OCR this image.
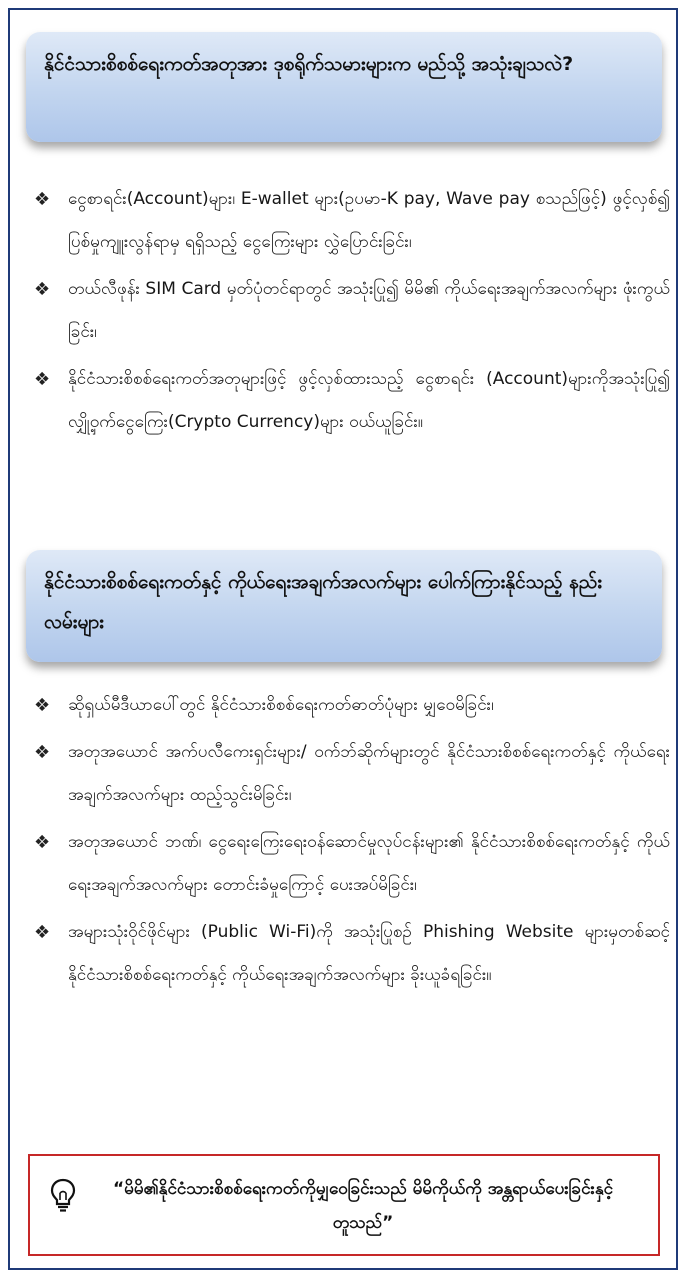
နိုင်ငံသားစိစစ်ရေးကတ်အတုအား ဒုစရိုက်သမားများက မည်သို့ အသုံးချသလဲ?
❖	ငွေစာရင်း(Account)များ၊ E-wallet များ(ဥပမာ-K pay, Wave pay စသည်ဖြင့်) ဖွင့်လှစ်၍ ပြစ်မှုကျူးလွန်ရာမှ ရရှိသည့် ငွေကြေးများ လွှဲပြောင်းခြင်း၊
❖	တယ်လီဖုန်း SIM Card မှတ်ပုံတင်ရာတွင် အသုံးပြု၍ မိမိ၏ ကိုယ်ရေးအချက်အလက်များ ဖုံးကွယ်ခြင်း၊
❖	နိုင်ငံသားစိစစ်ရေးကတ်အတုများဖြင့် ဖွင့်လှစ်ထားသည့် ငွေစာရင်း (Account)များကိုအသုံးပြု၍ လျှို့ဝှက်ငွေကြေး(Crypto Currency)များ ဝယ်ယူခြင်း။
နိုင်ငံသားစိစစ်ရေးကတ်နှင့် ကိုယ်ရေးအချက်အလက်များ ပေါက်ကြားနိုင်သည့် နည်းလမ်းများ
❖	ဆိုရှယ်မီဒီယာပေါ်တွင် နိုင်ငံသားစိစစ်ရေးကတ်ဓာတ်ပုံများ မျှဝေမိခြင်း၊
❖	အတုအယောင် အက်ပလီကေးရှင်းများ/ ဝက်ဘ်ဆိုက်များတွင် နိုင်ငံသားစိစစ်ရေးကတ်နှင့် ကိုယ်ရေးအချက်အလက်များ ထည့်သွင်းမိခြင်း၊
❖	အတုအယောင် ဘဏ်၊ ငွေရေးကြေးရေးဝန်ဆောင်မှုလုပ်ငန်းများ၏ နိုင်ငံသားစိစစ်ရေးကတ်နှင့် ကိုယ်ရေးအချက်အလက်များ တောင်းခံမှုကြောင့် ပေးအပ်မိခြင်း၊
❖	အများသုံးဝိုင်ဖိုင်များ (Public Wi-Fi)ကို အသုံးပြုစဉ် Phishing Website များမှတစ်ဆင့် နိုင်ငံသားစိစစ်ရေးကတ်နှင့် ကိုယ်ရေးအချက်အလက်များ ခိုးယူခံရခြင်း။
“မိမိ၏နိုင်ငံသားစိစစ်ရေးကတ်ကိုမျှဝေခြင်းသည် မိမိကိုယ်ကို အန္တရာယ်ပေးခြင်းနှင့် တူသည်”
